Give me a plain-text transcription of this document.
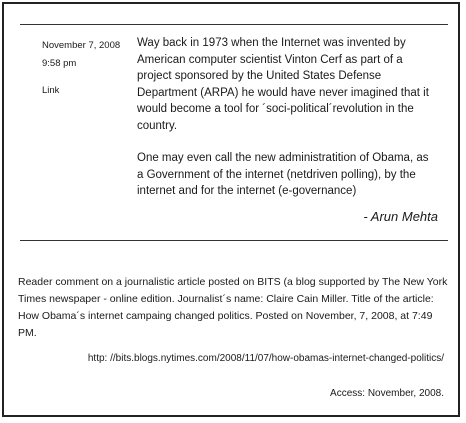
November 7, 2008
9:58 pm
Link

Way back in 1973 when the Internet was invented by American computer scientist Vinton Cerf as part of a project sponsored by the United States Defense Department (ARPA) he would have never imagined that it would become a tool for ´soci-political´revolution in the country.

One may even call the new administratition of Obama, as a Government of the internet (netdriven polling), by the internet and for the internet (e-governance)

- Arun Mehta

Reader comment on a journalistic article posted on BITS (a blog supported by The New York Times newspaper - online edition. Journalist´s name: Claire Cain Miller. Title of the article: How Obama´s internet campaing changed politics. Posted on November, 7, 2008, at 7:49 PM.

http: //bits.blogs.nytimes.com/2008/11/07/how-obamas-internet-changed-politics/
Access: November, 2008.
